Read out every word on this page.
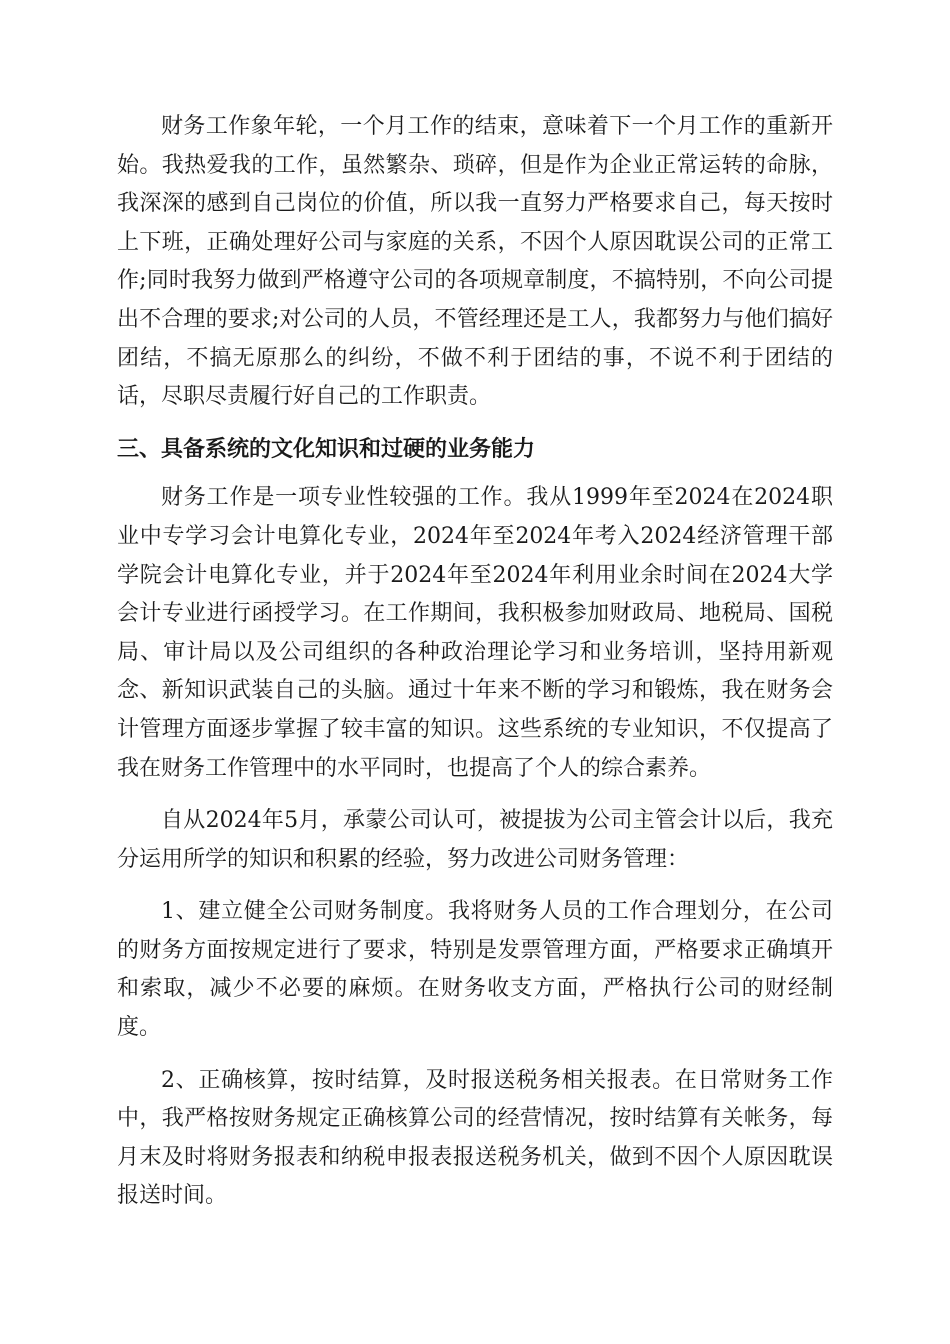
财务工作象年轮，一个月工作的结束，意味着下一个月工作的重新开始。我热爱我的工作，虽然繁杂、琐碎，但是作为企业正常运转的命脉，我深深的感到自己岗位的价值，所以我一直努力严格要求自己，每天按时上下班，正确处理好公司与家庭的关系，不因个人原因耽误公司的正常工作;同时我努力做到严格遵守公司的各项规章制度，不搞特别，不向公司提出不合理的要求;对公司的人员，不管经理还是工人，我都努力与他们搞好团结，不搞无原那么的纠纷，不做不利于团结的事，不说不利于团结的话，尽职尽责履行好自己的工作职责。

三、具备系统的文化知识和过硬的业务能力

财务工作是一项专业性较强的工作。我从1999年至2024在2024职业中专学习会计电算化专业，2024年至2024年考入2024经济管理干部学院会计电算化专业，并于2024年至2024年利用业余时间在2024大学会计专业进行函授学习。在工作期间，我积极参加财政局、地税局、国税局、审计局以及公司组织的各种政治理论学习和业务培训，坚持用新观念、新知识武装自己的头脑。通过十年来不断的学习和锻炼，我在财务会计管理方面逐步掌握了较丰富的知识。这些系统的专业知识，不仅提高了我在财务工作管理中的水平同时，也提高了个人的综合素养。

自从2024年5月，承蒙公司认可，被提拔为公司主管会计以后，我充分运用所学的知识和积累的经验，努力改进公司财务管理：

1、建立健全公司财务制度。我将财务人员的工作合理划分，在公司的财务方面按规定进行了要求，特别是发票管理方面，严格要求正确填开和索取，减少不必要的麻烦。在财务收支方面，严格执行公司的财经制度。

2、正确核算，按时结算，及时报送税务相关报表。在日常财务工作中，我严格按财务规定正确核算公司的经营情况，按时结算有关帐务，每月末及时将财务报表和纳税申报表报送税务机关，做到不因个人原因耽误报送时间。
